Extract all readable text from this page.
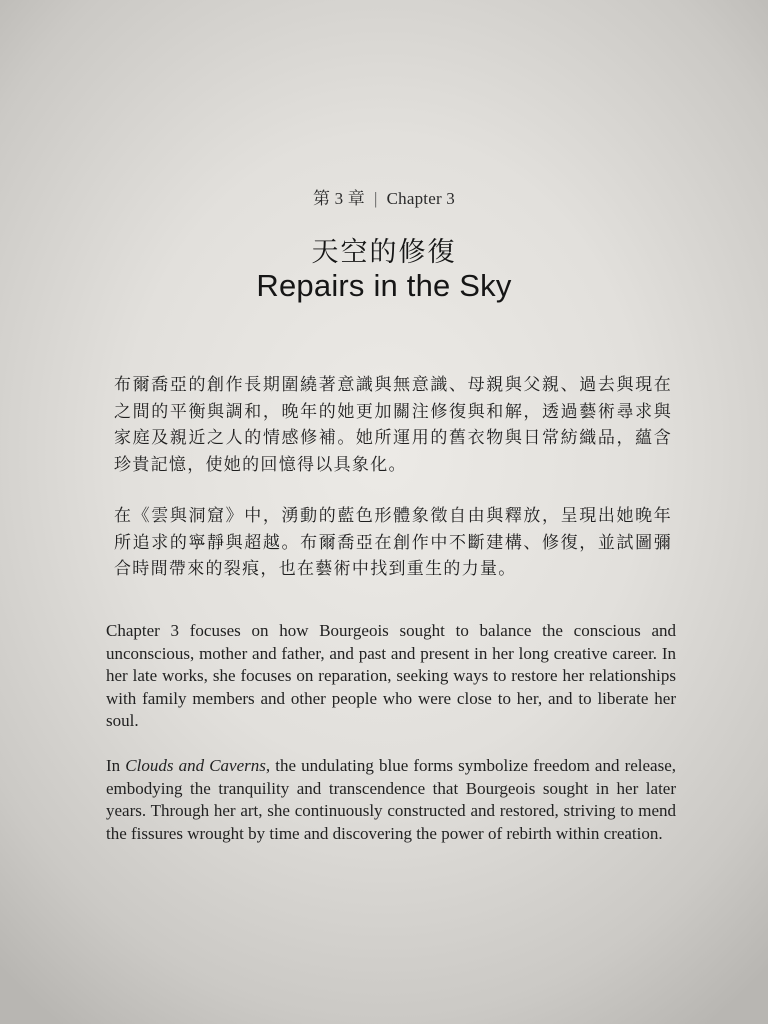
第 3 章 | Chapter 3
天空的修復
Repairs in the Sky

布爾喬亞的創作長期圍繞著意識與無意識、母親與父親、過去與現在之間的平衡與調和，晚年的她更加關注修復與和解，透過藝術尋求與家庭及親近之人的情感修補。她所運用的舊衣物與日常紡織品，蘊含珍貴記憶，使她的回憶得以具象化。

在《雲與洞窟》中，湧動的藍色形體象徵自由與釋放，呈現出她晚年所追求的寧靜與超越。布爾喬亞在創作中不斷建構、修復，並試圖彌合時間帶來的裂痕，也在藝術中找到重生的力量。

Chapter 3 focuses on how Bourgeois sought to balance the conscious and unconscious, mother and father, and past and present in her long creative career. In her late works, she focuses on reparation, seeking ways to restore her relationships with family members and other people who were close to her, and to liberate her soul.

In Clouds and Caverns, the undulating blue forms symbolize freedom and release, embodying the tranquility and transcendence that Bourgeois sought in her later years. Through her art, she continuously constructed and restored, striving to mend the fissures wrought by time and discovering the power of rebirth within creation.
